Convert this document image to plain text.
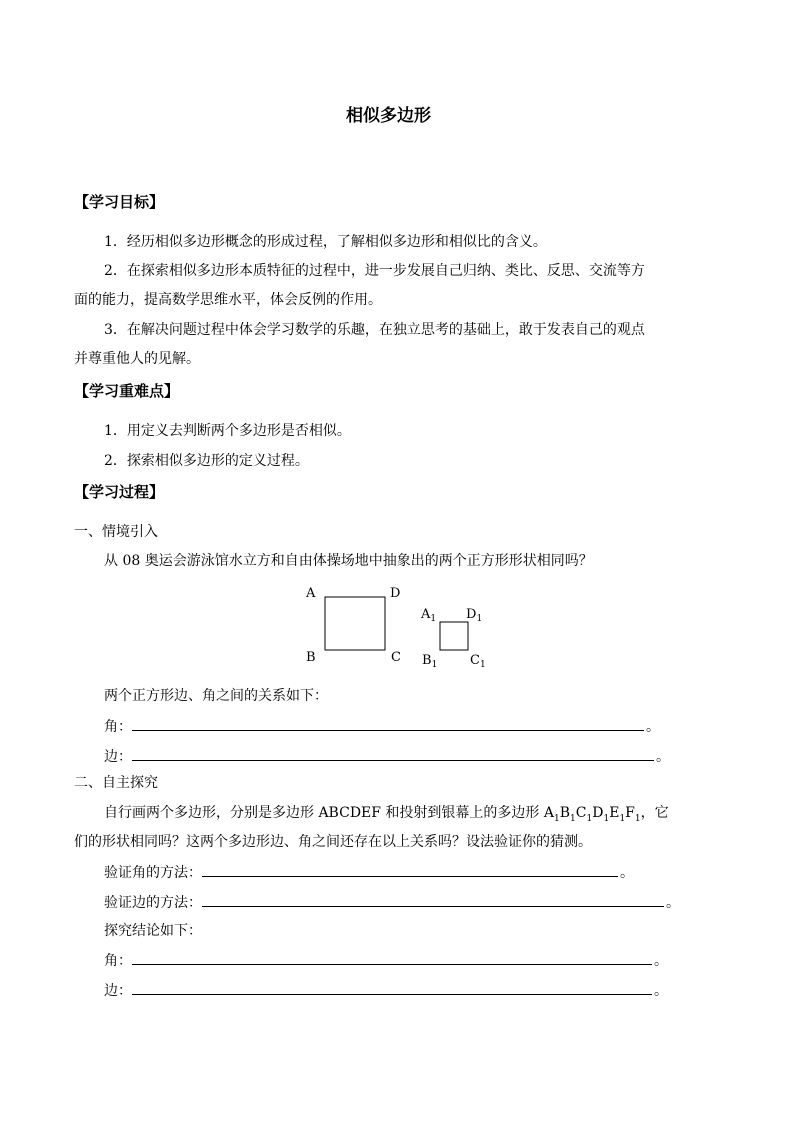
相似多边形
【学习目标】
1．经历相似多边形概念的形成过程，了解相似多边形和相似比的含义。
2．在探索相似多边形本质特征的过程中，进一步发展自己归纳、类比、反思、交流等方
面的能力，提高数学思维水平，体会反例的作用。
3．在解决问题过程中体会学习数学的乐趣，在独立思考的基础上，敢于发表自己的观点
并尊重他人的见解。
【学习重难点】
1．用定义去判断两个多边形是否相似。
2．探索相似多边形的定义过程。
【学习过程】
一、情境引入
从 08 奥运会游泳馆水立方和自由体操场地中抽象出的两个正方形形状相同吗？
A	D
B	C
$A_1$ $D_1$
$B_1$	$C_1$
两个正方形边、角之间的关系如下：
角：	。
边：	。
二、自主探究
自行画两个多边形，分别是多边形 ABCDEF 和投射到银幕上的多边形 $A_1B_1C_1D_1E_1F_1$，它
们的形状相同吗？这两个多边形边、角之间还存在以上关系吗？设法验证你的猜测。
验证角的方法：	。
验证边的方法：	。
探究结论如下：
角：	。
边：	。
